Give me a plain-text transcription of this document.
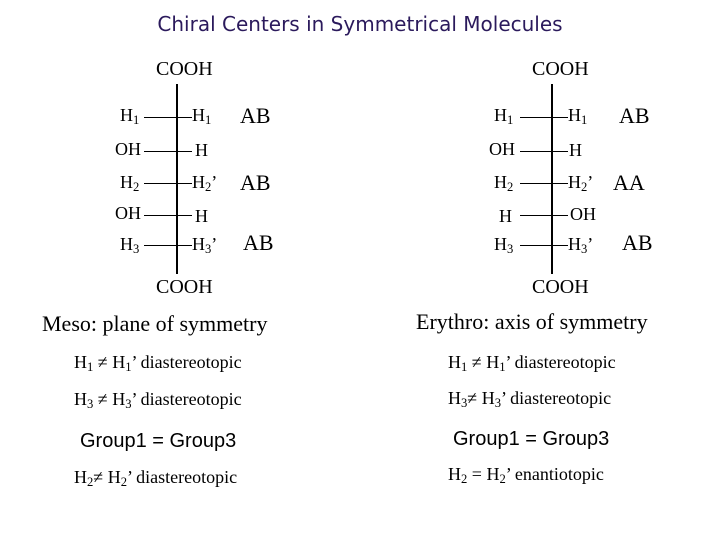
Chiral Centers in Symmetrical Molecules
COOH
$H_1$	$H_1$ AB
OH	H
$H_2$	$H_2$’ AB
OH	H
$H_3$	$H_3$’ AB
COOH
COOH
$H_1$	$H_1$ AB
OH	H
$H_2$	$H_2$’ AA
H	OH
$H_3$	$H_3$’ AB
COOH
Meso: plane of symmetry	Erythro: axis of symmetry
$H_1 \ne H_1$’ diastereotopic	$H_1 \ne H_1$’ diastereotopic
$H_3 \ne H_3$’ diastereotopic	$H_3\ne H_3$’ diastereotopic
Group1 = Group3	Group1 = Group3
$H_2\ne H_2$’ diastereotopic	$H_2 = H_2$’ enantiotopic
